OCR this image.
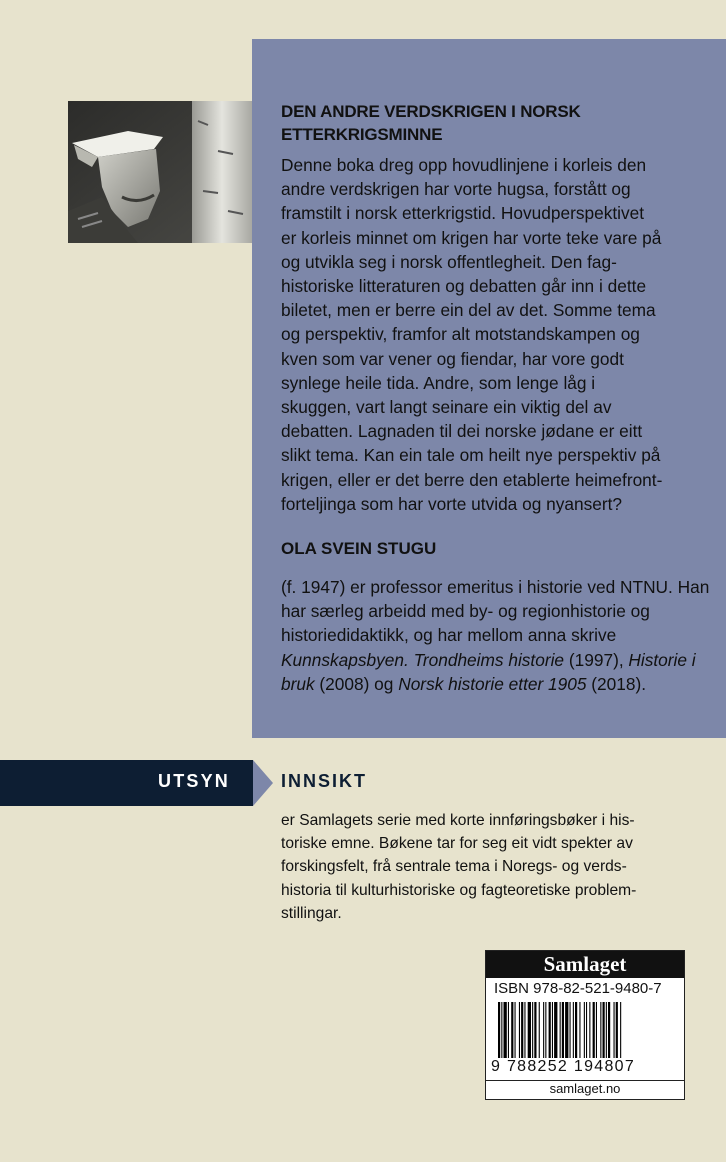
DEN ANDRE VERDSKRIGEN I NORSK
ETTERKRIGSMINNE
Denne boka dreg opp hovudlinjene i korleis den
andre verdskrigen har vorte hugsa, forstått og
framstilt i norsk etterkrigstid. Hovudperspektivet
er korleis minnet om krigen har vorte teke vare på
og utvikla seg i norsk offentlegheit. Den fag-
historiske litteraturen og debatten går inn i dette
biletet, men er berre ein del av det. Somme tema
og perspektiv, framfor alt motstandskampen og
kven som var vener og fiendar, har vore godt
synlege heile tida. Andre, som lenge låg i
skuggen, vart langt seinare ein viktig del av
debatten. Lagnaden til dei norske jødane er eitt
slikt tema. Kan ein tale om heilt nye perspektiv på
krigen, eller er det berre den etablerte heimefront-
forteljinga som har vorte utvida og nyansert?
OLA SVEIN STUGU
(f. 1947) er professor emeritus i historie ved NTNU. Han har særleg arbeidd med by- og regionhistorie og historiedidaktikk, og har mellom anna skrive Kunnskapsbyen. Trondheims historie (1997), Historie i bruk (2008) og Norsk historie etter 1905 (2018).
UTSYN	INNSIKT
er Samlagets serie med korte innføringsbøker i his-
toriske emne. Bøkene tar for seg eit vidt spekter av
forskingsfelt, frå sentrale tema i Noregs- og verds-
historia til kulturhistoriske og fagteoretiske problem-
stillingar.
Samlaget
ISBN 978-82-521-9480-7
9 788252 194807
samlaget.no
